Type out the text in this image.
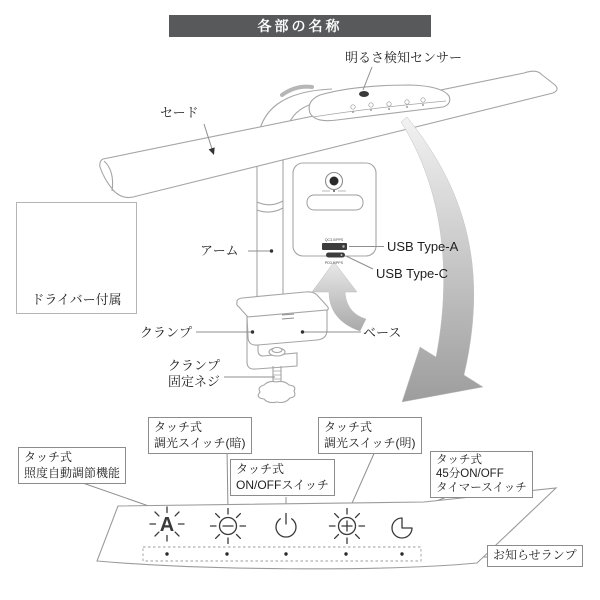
QC3.0/PPS
PD3.0/PPS
A
各部の名称
明るさ検知センサー
セード
アーム	USB Type-A
USB Type-C
クランプ	ベース
クランプ
固定ネジ
ドライバー付属
タッチ式
照度自動調節機能
タッチ式
調光スイッチ(暗)
タッチ式
ON/OFFスイッチ
タッチ式
調光スイッチ(明)
タッチ式
45分ON/OFF
タイマースイッチ
お知らせランプ
